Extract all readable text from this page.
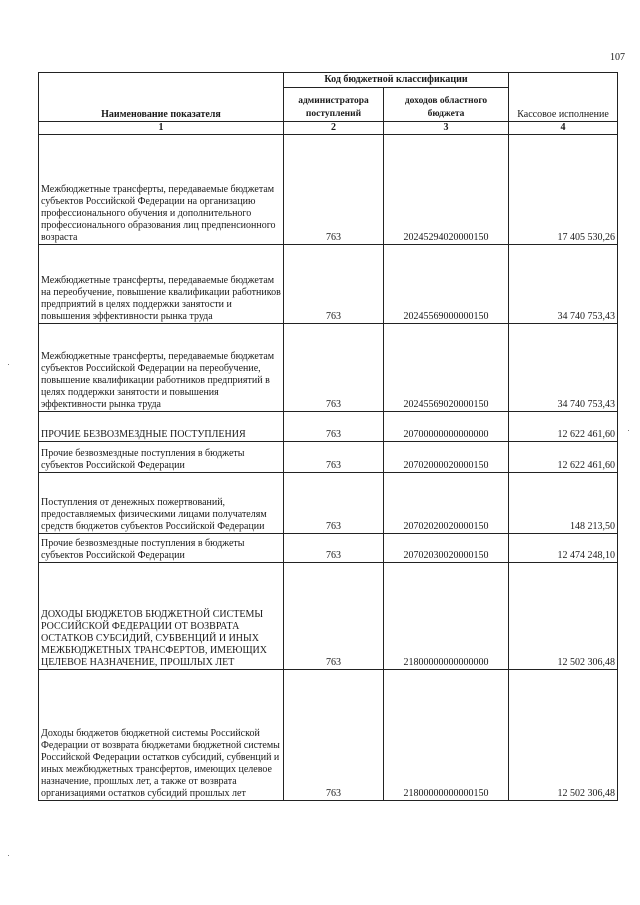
107
Наименование показателя	Код бюджетной классификации		Кассовое исполнение
	администратора поступлений	доходов областного бюджета	
1	2	3	4
Межбюджетные трансферты, передаваемые бюджетам субъектов Российской Федерации на организацию профессионального обучения и дополнительного профессионального образования лиц предпенсионного возраста	763	20245294020000150	17 405 530,26
Межбюджетные трансферты, передаваемые бюджетам на переобучение, повышение квалификации работников предприятий в целях поддержки занятости и повышения эффективности рынка труда	763	20245569000000150	34 740 753,43
Межбюджетные трансферты, передаваемые бюджетам субъектов Российской Федерации на переобучение, повышение квалификации работников предприятий в целях поддержки занятости и повышения эффективности рынка труда	763	20245569020000150	34 740 753,43
ПРОЧИЕ БЕЗВОЗМЕЗДНЫЕ ПОСТУПЛЕНИЯ	763	20700000000000000	12 622 461,60
Прочие безвозмездные поступления в бюджеты субъектов Российской Федерации	763	20702000020000150	12 622 461,60
Поступления от денежных пожертвований, предоставляемых физическими лицами получателям средств бюджетов субъектов Российской Федерации	763	20702020020000150	148 213,50
Прочие безвозмездные поступления в бюджеты субъектов Российской Федерации	763	20702030020000150	12 474 248,10
ДОХОДЫ БЮДЖЕТОВ БЮДЖЕТНОЙ СИСТЕМЫ РОССИЙСКОЙ ФЕДЕРАЦИИ ОТ ВОЗВРАТА ОСТАТКОВ СУБСИДИЙ, СУБВЕНЦИЙ И ИНЫХ МЕЖБЮДЖЕТНЫХ ТРАНСФЕРТОВ, ИМЕЮЩИХ ЦЕЛЕВОЕ НАЗНАЧЕНИЕ, ПРОШЛЫХ ЛЕТ	763	21800000000000000	12 502 306,48
Доходы бюджетов бюджетной системы Российской Федерации от возврата бюджетами бюджетной системы Российской Федерации остатков субсидий, субвенций и иных межбюджетных трансфертов, имеющих целевое назначение, прошлых лет, а также от возврата организациями остатков субсидий прошлых лет	763	21800000000000150	12 502 306,48
